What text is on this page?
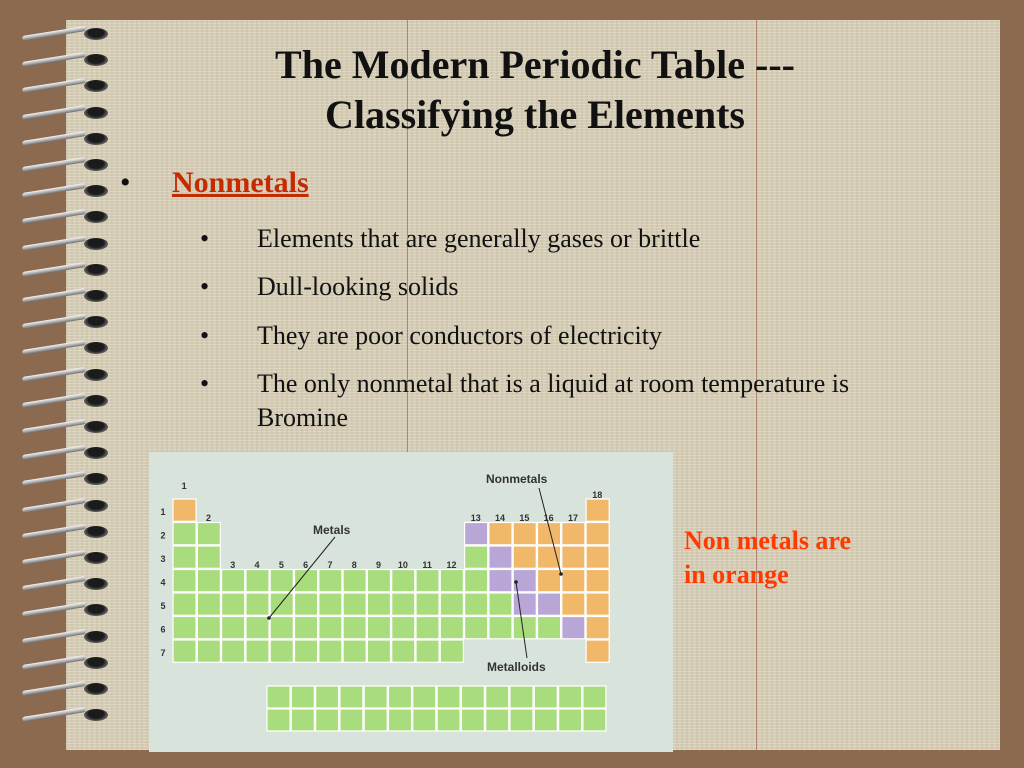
The Modern Periodic Table ---
Classifying the Elements
• Nonmetals
• Elements that are generally gases or brittle
• Dull-looking solids
• They are poor conductors of electricity
• The only nonmetal that is a liquid at room temperature is Bromine
1
2
3
4
5
6
7
1
2
3 4 5 6 7 8 9 10 11 12
13 14 15 16 17
18
Nonmetals
Metals
Metalloids
Non metals are in orange
